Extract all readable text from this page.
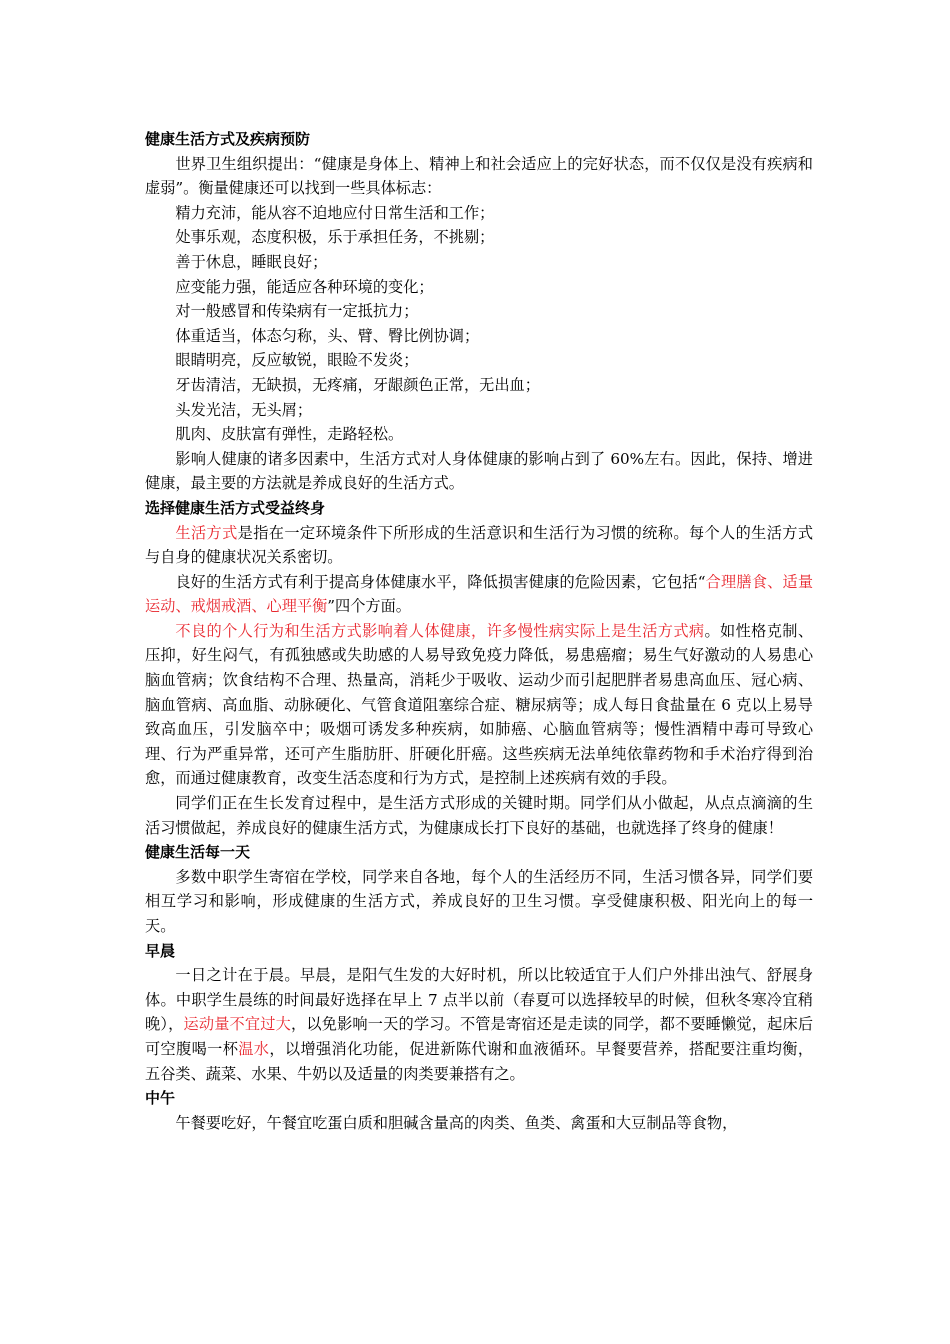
健康生活方式及疾病预防

世界卫生组织提出：“健康是身体上、精神上和社会适应上的完好状态，而不仅仅是没有疾病和虚弱”。衡量健康还可以找到一些具体标志：

精力充沛，能从容不迫地应付日常生活和工作；

处事乐观，态度积极，乐于承担任务，不挑剔；

善于休息，睡眠良好；

应变能力强，能适应各种环境的变化；

对一般感冒和传染病有一定抵抗力；

体重适当，体态匀称，头、臂、臀比例协调；

眼睛明亮，反应敏锐，眼睑不发炎；

牙齿清洁，无缺损，无疼痛，牙龈颜色正常，无出血；

头发光洁，无头屑；

肌肉、皮肤富有弹性，走路轻松。

影响人健康的诸多因素中，生活方式对人身体健康的影响占到了 60%左右。因此，保持、增进健康，最主要的方法就是养成良好的生活方式。

选择健康生活方式受益终身

生活方式是指在一定环境条件下所形成的生活意识和生活行为习惯的统称。每个人的生活方式与自身的健康状况关系密切。

良好的生活方式有利于提高身体健康水平，降低损害健康的危险因素，它包括“合理膳食、适量运动、戒烟戒酒、心理平衡”四个方面。

不良的个人行为和生活方式影响着人体健康，许多慢性病实际上是生活方式病。如性格克制、压抑，好生闷气，有孤独感或失助感的人易导致免疫力降低，易患癌瘤；易生气好激动的人易患心脑血管病；饮食结构不合理、热量高，消耗少于吸收、运动少而引起肥胖者易患高血压、冠心病、脑血管病、高血脂、动脉硬化、气管食道阻塞综合症、糖尿病等；成人每日食盐量在 6 克以上易导致高血压，引发脑卒中；吸烟可诱发多种疾病，如肺癌、心脑血管病等；慢性酒精中毒可导致心理、行为严重异常，还可产生脂肪肝、肝硬化肝癌。这些疾病无法单纯依靠药物和手术治疗得到治愈，而通过健康教育，改变生活态度和行为方式，是控制上述疾病有效的手段。

同学们正在生长发育过程中，是生活方式形成的关键时期。同学们从小做起，从点点滴滴的生活习惯做起，养成良好的健康生活方式，为健康成长打下良好的基础，也就选择了终身的健康！

健康生活每一天

多数中职学生寄宿在学校，同学来自各地，每个人的生活经历不同，生活习惯各异，同学们要相互学习和影响，形成健康的生活方式，养成良好的卫生习惯。享受健康积极、阳光向上的每一天。

早晨

一日之计在于晨。早晨，是阳气生发的大好时机，所以比较适宜于人们户外排出浊气、舒展身体。中职学生晨练的时间最好选择在早上 7 点半以前（春夏可以选择较早的时候，但秋冬寒冷宜稍晚），运动量不宜过大，以免影响一天的学习。不管是寄宿还是走读的同学，都不要睡懒觉，起床后可空腹喝一杯温水，以增强消化功能，促进新陈代谢和血液循环。早餐要营养，搭配要注重均衡，五谷类、蔬菜、水果、牛奶以及适量的肉类要兼搭有之。

中午

午餐要吃好，午餐宜吃蛋白质和胆碱含量高的肉类、鱼类、禽蛋和大豆制品等食物，
